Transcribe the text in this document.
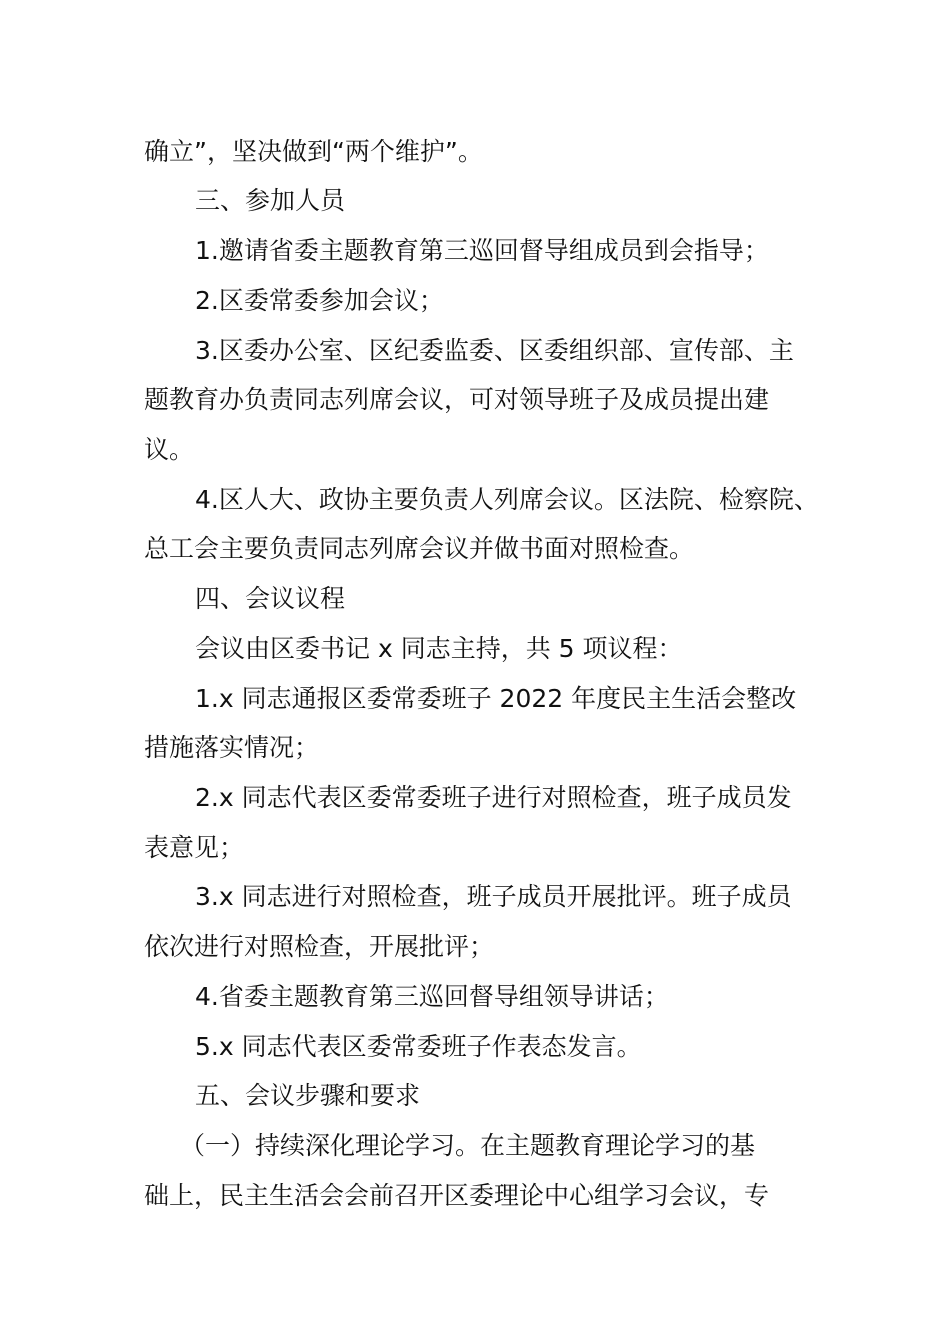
确立”，坚决做到“两个维护”。
三、参加人员
1.邀请省委主题教育第三巡回督导组成员到会指导；
2.区委常委参加会议；
3.区委办公室、区纪委监委、区委组织部、宣传部、主
题教育办负责同志列席会议，可对领导班子及成员提出建
议。
4.区人大、政协主要负责人列席会议。区法院、检察院、
总工会主要负责同志列席会议并做书面对照检查。
四、会议议程
会议由区委书记 x 同志主持，共 5 项议程：
1.x 同志通报区委常委班子 2022 年度民主生活会整改
措施落实情况；
2.x 同志代表区委常委班子进行对照检查，班子成员发
表意见；
3.x 同志进行对照检查，班子成员开展批评。班子成员
依次进行对照检查，开展批评；
4.省委主题教育第三巡回督导组领导讲话；
5.x 同志代表区委常委班子作表态发言。
五、会议步骤和要求
（一）持续深化理论学习。在主题教育理论学习的基
础上，民主生活会会前召开区委理论中心组学习会议，专
